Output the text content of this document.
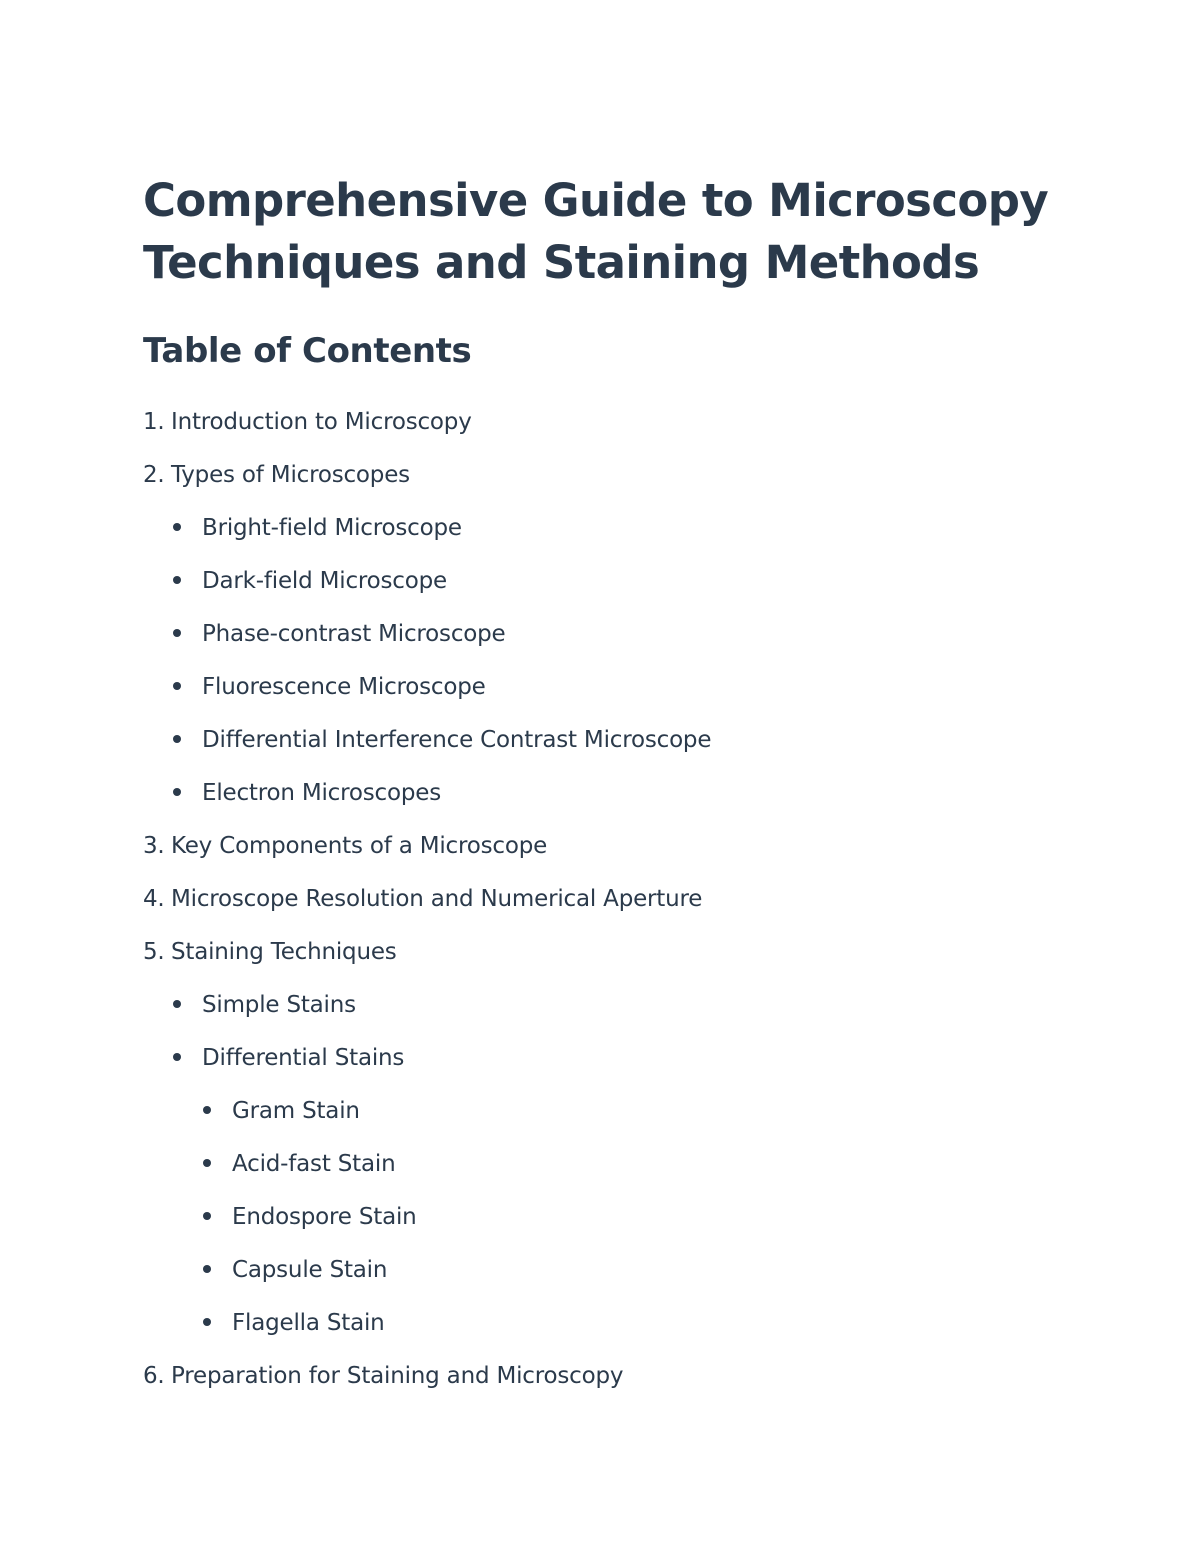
Comprehensive Guide to Microscopy
Techniques and Staining Methods
Table of Contents
1. Introduction to Microscopy
2. Types of Microscopes
Bright-field Microscope
Dark-field Microscope
Phase-contrast Microscope
Fluorescence Microscope
Differential Interference Contrast Microscope
Electron Microscopes
3. Key Components of a Microscope
4. Microscope Resolution and Numerical Aperture
5. Staining Techniques
Simple Stains
Differential Stains
Gram Stain
Acid-fast Stain
Endospore Stain
Capsule Stain
Flagella Stain
6. Preparation for Staining and Microscopy
